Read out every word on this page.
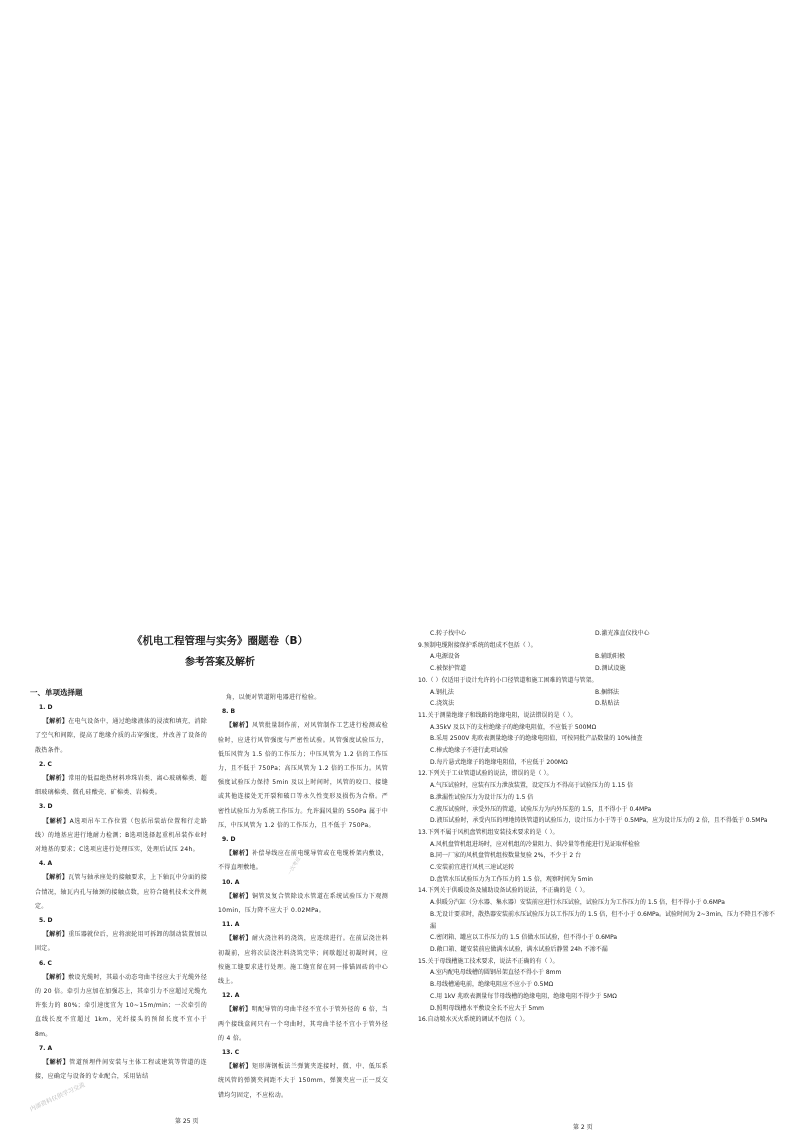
《机电工程管理与实务》圈题卷（B）
参考答案及解析
一、单项选择题
1. D
【解析】在电气设备中，通过绝缘液体的浸渍和填充，消除了空气和间隙，提高了绝缘介质的击穿强度，并改善了设备的散热条件。
2. C
【解析】常用的低温绝热材料珍珠岩类、离心玻璃棉类、超细玻璃棉类、微孔硅酸壳、矿棉类、岩棉类。
3. D
【解析】A选项吊车工作位置（包括吊装站位置和行走路线）的地基应进行地耐力检测；B选项选择起重机吊装作业时对地基的要求；C选项应进行处理压实，处理后试压 24h。
4. A
【解析】瓦管与轴承座处的接触要求，上下轴瓦中分面的接合情况，轴瓦内孔与轴颈的接触点数，应符合随机技术文件规定。
5. D
【解析】重压器就位后，应将滚轮用可拆卸的制动装置加以固定。
6. C
【解析】敷设光缆时，其最小动态弯曲半径应大于光缆外径的 20 倍。牵引力应加在加强芯上，其牵引力不应超过光缆允许张力的 80%；牵引速度宜为 10~15m/min；一次牵引的直线长度不宜超过 1km，光纤接头的预留长度不宜小于 8m。
7. A
【解析】管道预埋件间安装与主体工程或建筑等管道的连接，应确定与设备的专业配合，采用钻结
角，以便对管道附电器进行检验。
8. B
【解析】风管批量制作前，对风管制作工艺进行检测或检验时，应进行风管强度与严密性试验。风管强度试验压力，低压风管为 1.5 倍的工作压力；中压风管为 1.2 倍的工作压力，且不低于 750Pa；高压风管为 1.2 倍的工作压力。风管强度试验压力保持 5min 及以上时间时，风管的咬口、接缝或其他连接处无开裂和破口等永久性变形及损伤为合格。严密性试验压力为系统工作压力。允许漏风量的 550Pa 属于中压，中压风管为 1.2 倍的工作压力，且不低于 750Pa。
9. D
【解析】补偿导线应在前电缆导管或在电缆桥架内敷设，不得直埋敷地。
10. A
【解析】铜管及复合管除设水管道在系统试验压力下观测 10min，压力降不应大于 0.02MPa。
11. A
【解析】耐火浇注料的浇筑，应连续进行。在前层浇注料初凝前，应将次层浇注料浇筑完毕；间歇超过初凝时间，应按施工缝要求进行处理。施工缝宜留在同一排锚固砖的中心线上。
12. A
【解析】明配导管的弯曲半径不宜小于管外径的 6 倍，当两个接线盒间只有一个弯曲时，其弯曲半径不宜小于管外径的 4 倍。
13. C
【解析】矩形薄钢板法兰弹簧夹连接时，微、中、低压系统风管的弹簧夹间距不大于 150mm，弹簧夹应一正一反交错均匀固定，不应松动。
第 25 页
C.转子找中心	D.激光准直仪找中心
9.预制电缆附接保护系统的组成不包括（ ）。
A.电源设备	B.辅助阳极
C.被保护管道	D.测试设施
10.（ ）仅适用于设计允许的小口径管道和施工困难的管道与管架。
A.钢扎法	B.捆绑法
C.浇筑法	D.粘贴法
11.关于测量绝缘子和线路的绝缘电阻，说法错误的是（ ）。
A.35kV 及以下的支柱绝缘子的绝缘电阻值，不应低于 500MΩ
B.采用 2500V 兆欧表测量绝缘子的绝缘电阻值，可按同批产品数量的 10%抽查
C.棒式绝缘子不进行此项试验
D.每片悬式绝缘子的绝缘电阻值，不应低于 200MΩ
12.下列关于工业管道试验的说法，错误的是（ ）。
A.气压试验时，应装有压力泄放装置，设定压力不得高于试验压力的 1.15 倍
B.泄漏性试验压力为设计压力的 1.5 倍
C.液压试验时，承受外压的管道，试验压力为内外压差的 1.5，且不得小于 0.4MPa
D.液压试验时，承受内压的埋地铸铁管道的试验压力，设计压力小于等于 0.5MPa，应为设计压力的 2 倍，且不得低于 0.5MPa
13.下列不属于风机盘管机组安装技术要求的是（ ）。
A.风机盘管机组进场时，应对机组的冷量阻力、供冷量等性能进行见证取样检验
B.同一厂家的风机盘管机组按数量复验 2%，不少于 2 台
C.安装前宜进行风机三速试运转
D.盘管水压试验压力为工作压力的 1.5 倍，观察时间为 5min
14.下列关于供暖设备及辅助设备试验的说法，不正确的是（ ）。
A.供暖分汽缸（分水器、集水器）安装前应进行水压试验，试验压力为工作压力的 1.5 倍，但不得小于 0.6MPa
B.无设计要求时，散热器安装前水压试验压力以工作压力的 1.5 倍，但不小于 0.6MPa。试验时间为 2~3min，压力不降且不渗不漏
C.密闭箱、罐应以工作压力的 1.5 倍做水压试验，但不得小于 0.6MPa
D.敞口箱、罐安装前应做满水试验，满水试验后静置 24h 不渗不漏
15.关于母线槽施工技术要求，说法不正确的有（ ）。
A.室内配电母线槽的圆钢吊架直径不得小于 8mm
B.母线槽通电前，绝缘电阻应不应小于 0.5MΩ
C.用 1kV 兆欧表测量每节母线槽的绝缘电阻，绝缘电阻不得少于 5MΩ
D.照明母线槽水平敷设全长不应大于 5mm
16.自动喷水灭火系统的调试不包括（ ）。
第 2 页
内部资料仅供学习交流
一次考过
